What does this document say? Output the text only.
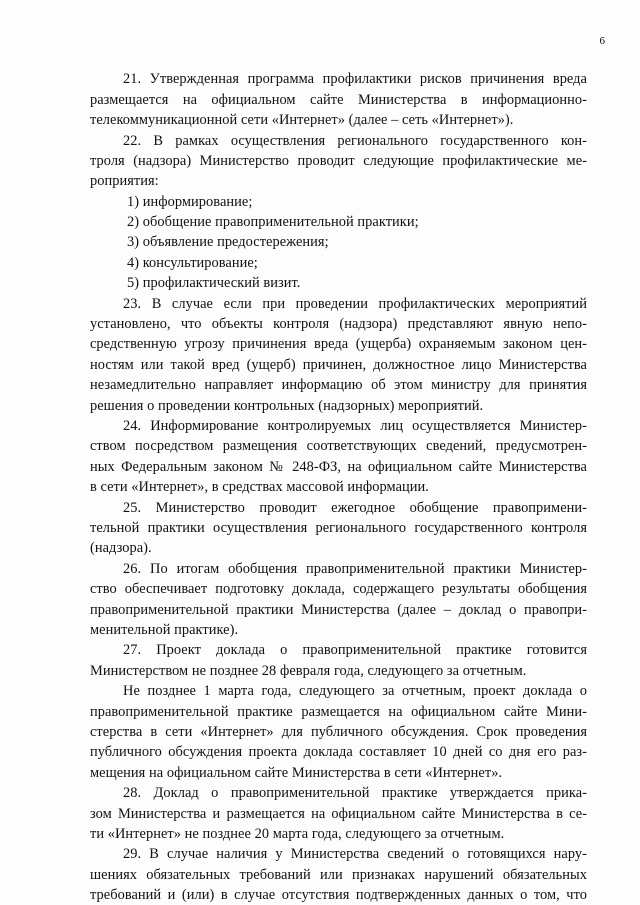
6
21. Утвержденная программа профилактики рисков причинения вреда
размещается на официальном сайте Министерства в информационно-
телекоммуникационной сети «Интернет» (далее – сеть «Интернет»).
22. В рамках осуществления регионального государственного кон-
троля (надзора) Министерство проводит следующие профилактические ме-
роприятия:
1) информирование;
2) обобщение правоприменительной практики;
3) объявление предостережения;
4) консультирование;
5) профилактический визит.
23. В случае если при проведении профилактических мероприятий
установлено, что объекты контроля (надзора) представляют явную непо-
средственную угрозу причинения вреда (ущерба) охраняемым законом цен-
ностям или такой вред (ущерб) причинен, должностное лицо Министерства
незамедлительно направляет информацию об этом министру для принятия
решения о проведении контрольных (надзорных) мероприятий.
24. Информирование контролируемых лиц осуществляется Министер-
ством посредством размещения соответствующих сведений, предусмотрен-
ных Федеральным законом № 248-ФЗ, на официальном сайте Министерства
в сети «Интернет», в средствах массовой информации.
25. Министерство проводит ежегодное обобщение правопримени-
тельной практики осуществления регионального государственного контроля
(надзора).
26. По итогам обобщения правоприменительной практики Министер-
ство обеспечивает подготовку доклада, содержащего результаты обобщения
правоприменительной практики Министерства (далее – доклад о правопри-
менительной практике).
27. Проект доклада о правоприменительной практике готовится
Министерством не позднее 28 февраля года, следующего за отчетным.
Не позднее 1 марта года, следующего за отчетным, проект доклада о
правоприменительной практике размещается на официальном сайте Мини-
стерства в сети «Интернет» для публичного обсуждения. Срок проведения
публичного обсуждения проекта доклада составляет 10 дней со дня его раз-
мещения на официальном сайте Министерства в сети «Интернет».
28. Доклад о правоприменительной практике утверждается прика-
зом Министерства и размещается на официальном сайте Министерства в се-
ти «Интернет» не позднее 20 марта года, следующего за отчетным.
29. В случае наличия у Министерства сведений о готовящихся нару-
шениях обязательных требований или признаках нарушений обязательных
требований и (или) в случае отсутствия подтвержденных данных о том, что
